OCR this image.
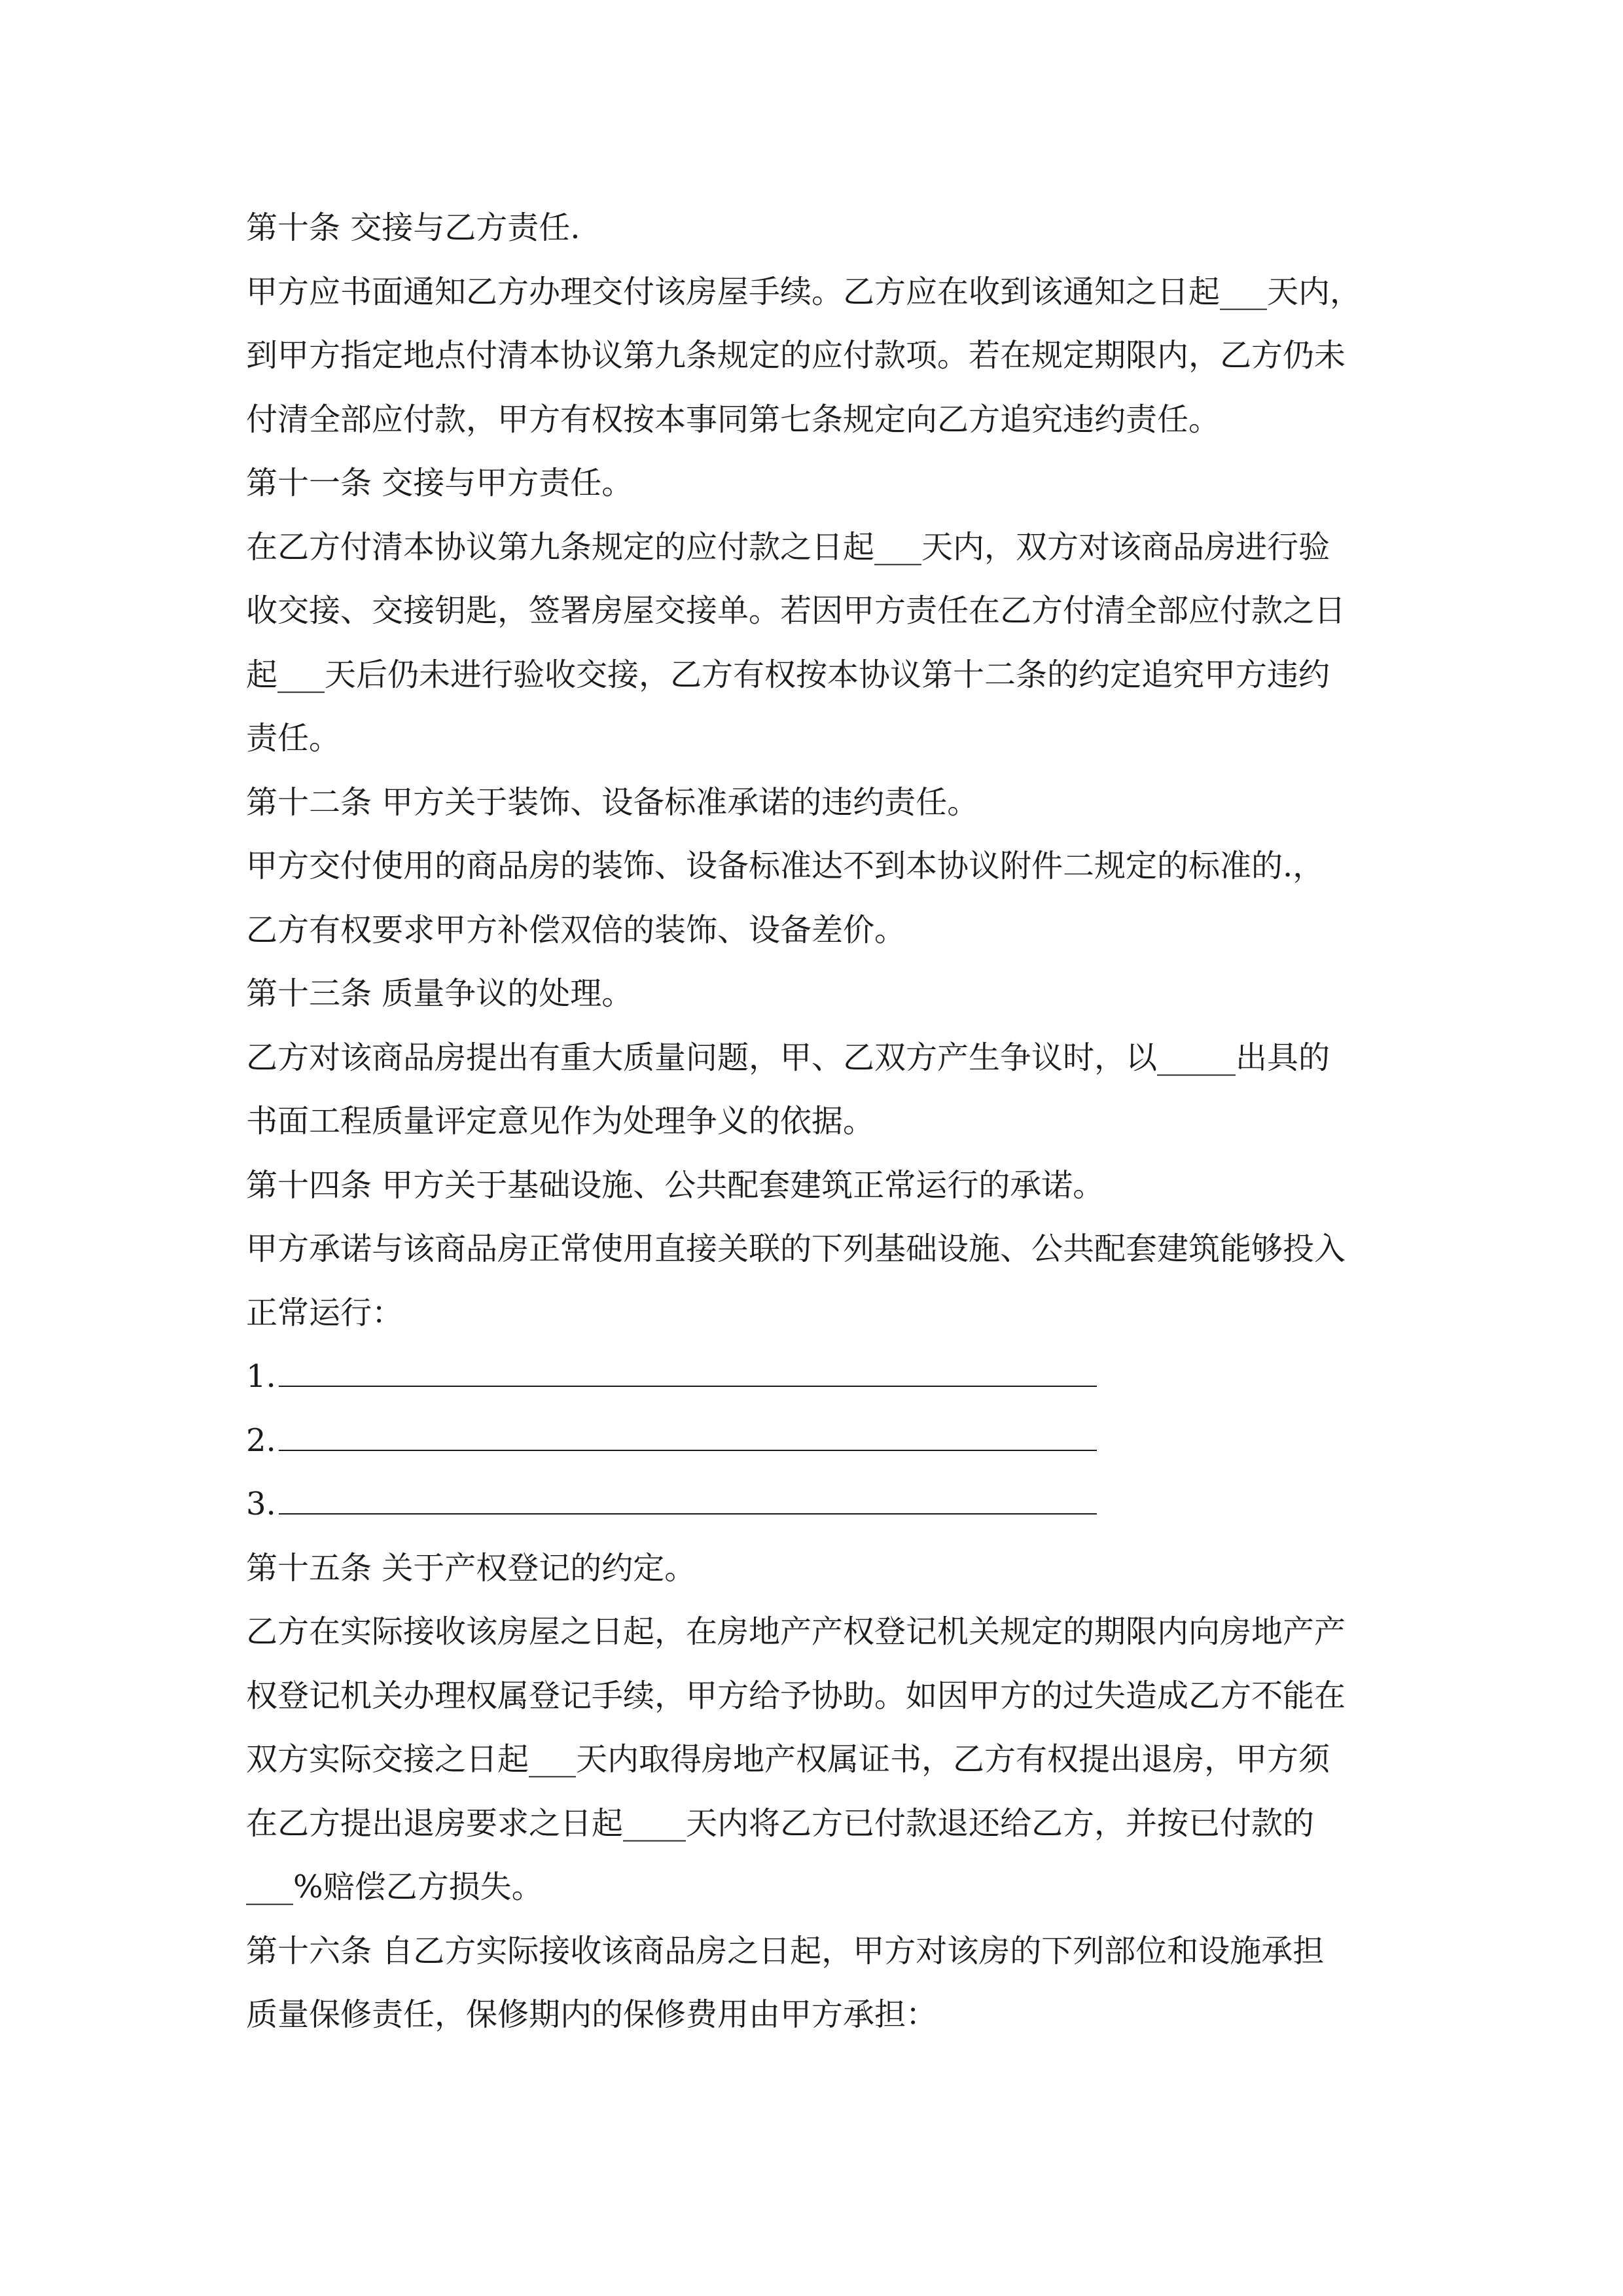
第十条 交接与乙方责任.
甲方应书面通知乙方办理交付该房屋手续。乙方应在收到该通知之日起___天内，
到甲方指定地点付清本协议第九条规定的应付款项。若在规定期限内，乙方仍未
付清全部应付款，甲方有权按本事同第七条规定向乙方追究违约责任。
第十一条 交接与甲方责任。
在乙方付清本协议第九条规定的应付款之日起___天内，双方对该商品房进行验
收交接、交接钥匙，签署房屋交接单。若因甲方责任在乙方付清全部应付款之日
起___天后仍未进行验收交接，乙方有权按本协议第十二条的约定追究甲方违约
责任。
第十二条 甲方关于装饰、设备标准承诺的违约责任。
甲方交付使用的商品房的装饰、设备标准达不到本协议附件二规定的标准的.，
乙方有权要求甲方补偿双倍的装饰、设备差价。
第十三条 质量争议的处理。
乙方对该商品房提出有重大质量问题，甲、乙双方产生争议时，以_____出具的
书面工程质量评定意见作为处理争义的依据。
第十四条 甲方关于基础设施、公共配套建筑正常运行的承诺。
甲方承诺与该商品房正常使用直接关联的下列基础设施、公共配套建筑能够投入
正常运行：
1.
2.
3.
第十五条 关于产权登记的约定。
乙方在实际接收该房屋之日起，在房地产产权登记机关规定的期限内向房地产产
权登记机关办理权属登记手续，甲方给予协助。如因甲方的过失造成乙方不能在
双方实际交接之日起___天内取得房地产权属证书，乙方有权提出退房，甲方须
在乙方提出退房要求之日起____天内将乙方已付款退还给乙方，并按已付款的
___%赔偿乙方损失。
第十六条 自乙方实际接收该商品房之日起，甲方对该房的下列部位和设施承担
质量保修责任，保修期内的保修费用由甲方承担：
